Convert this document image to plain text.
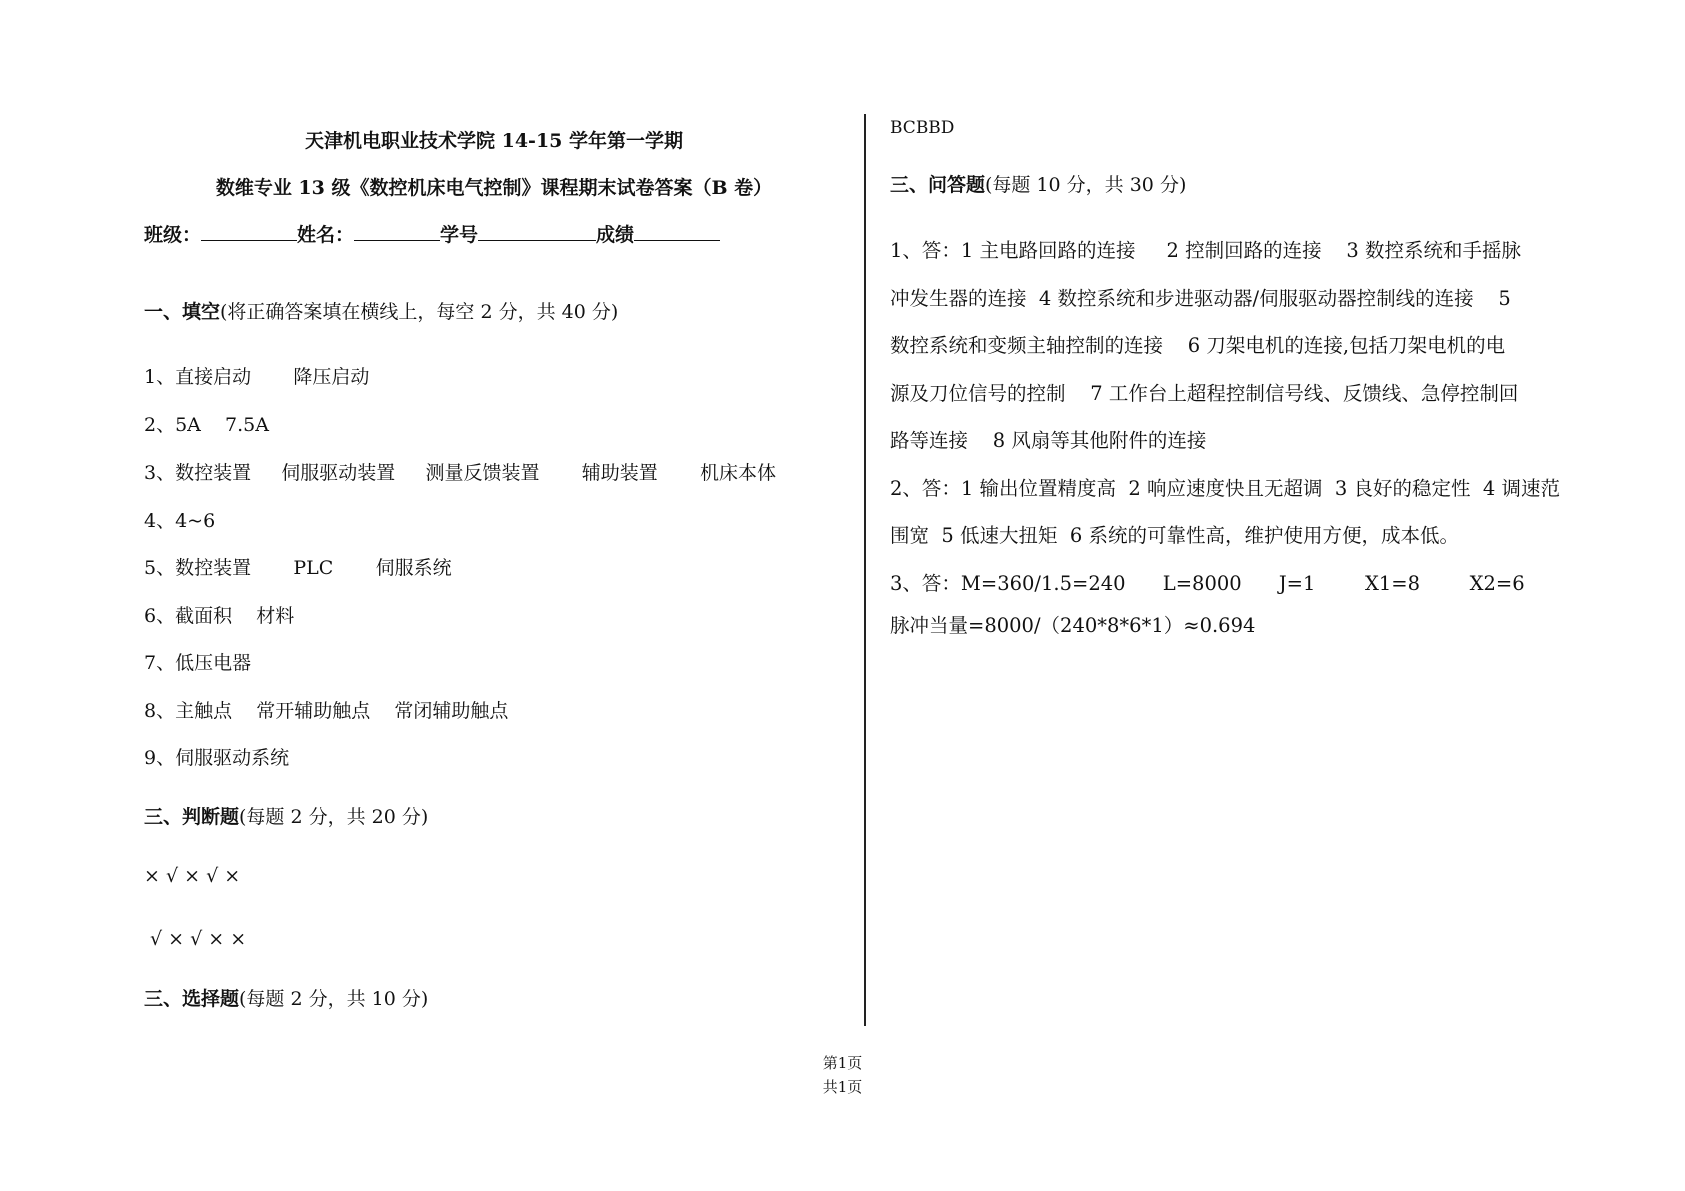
天津机电职业技术学院 14-15 学年第一学期
数维专业 13 级《数控机床电气控制》课程期末试卷答案（B 卷）
班级：	姓名：	学号	成绩
一、填空(将正确答案填在横线上，每空 2 分，共 40 分)
1、直接启动       降压启动
2、5A    7.5A
3、数控装置     伺服驱动装置     测量反馈装置       辅助装置       机床本体
4、4~6
5、数控装置       PLC       伺服系统
6、截面积    材料
7、低压电器
8、主触点    常开辅助触点    常闭辅助触点
9、伺服驱动系统
三、判断题(每题 2 分，共 20 分)
× √ × √ ×
√ × √ × ×
三、选择题(每题 2 分，共 10 分)
BCBBD
三、问答题(每题 10 分，共 30 分)
1、答：1 主电路回路的连接     2 控制回路的连接    3 数控系统和手摇脉
冲发生器的连接  4 数控系统和步进驱动器/伺服驱动器控制线的连接    5
数控系统和变频主轴控制的连接    6 刀架电机的连接,包括刀架电机的电
源及刀位信号的控制    7 工作台上超程控制信号线、反馈线、急停控制回
路等连接    8 风扇等其他附件的连接
2、答：1 输出位置精度高  2 响应速度快且无超调  3 良好的稳定性  4 调速范
围宽  5 低速大扭矩  6 系统的可靠性高，维护使用方便，成本低。
3、答：M=360/1.5=240      L=8000      J=1        X1=8        X2=6
脉冲当量=8000/（240*8*6*1）≈0.694
第1页
共1页
